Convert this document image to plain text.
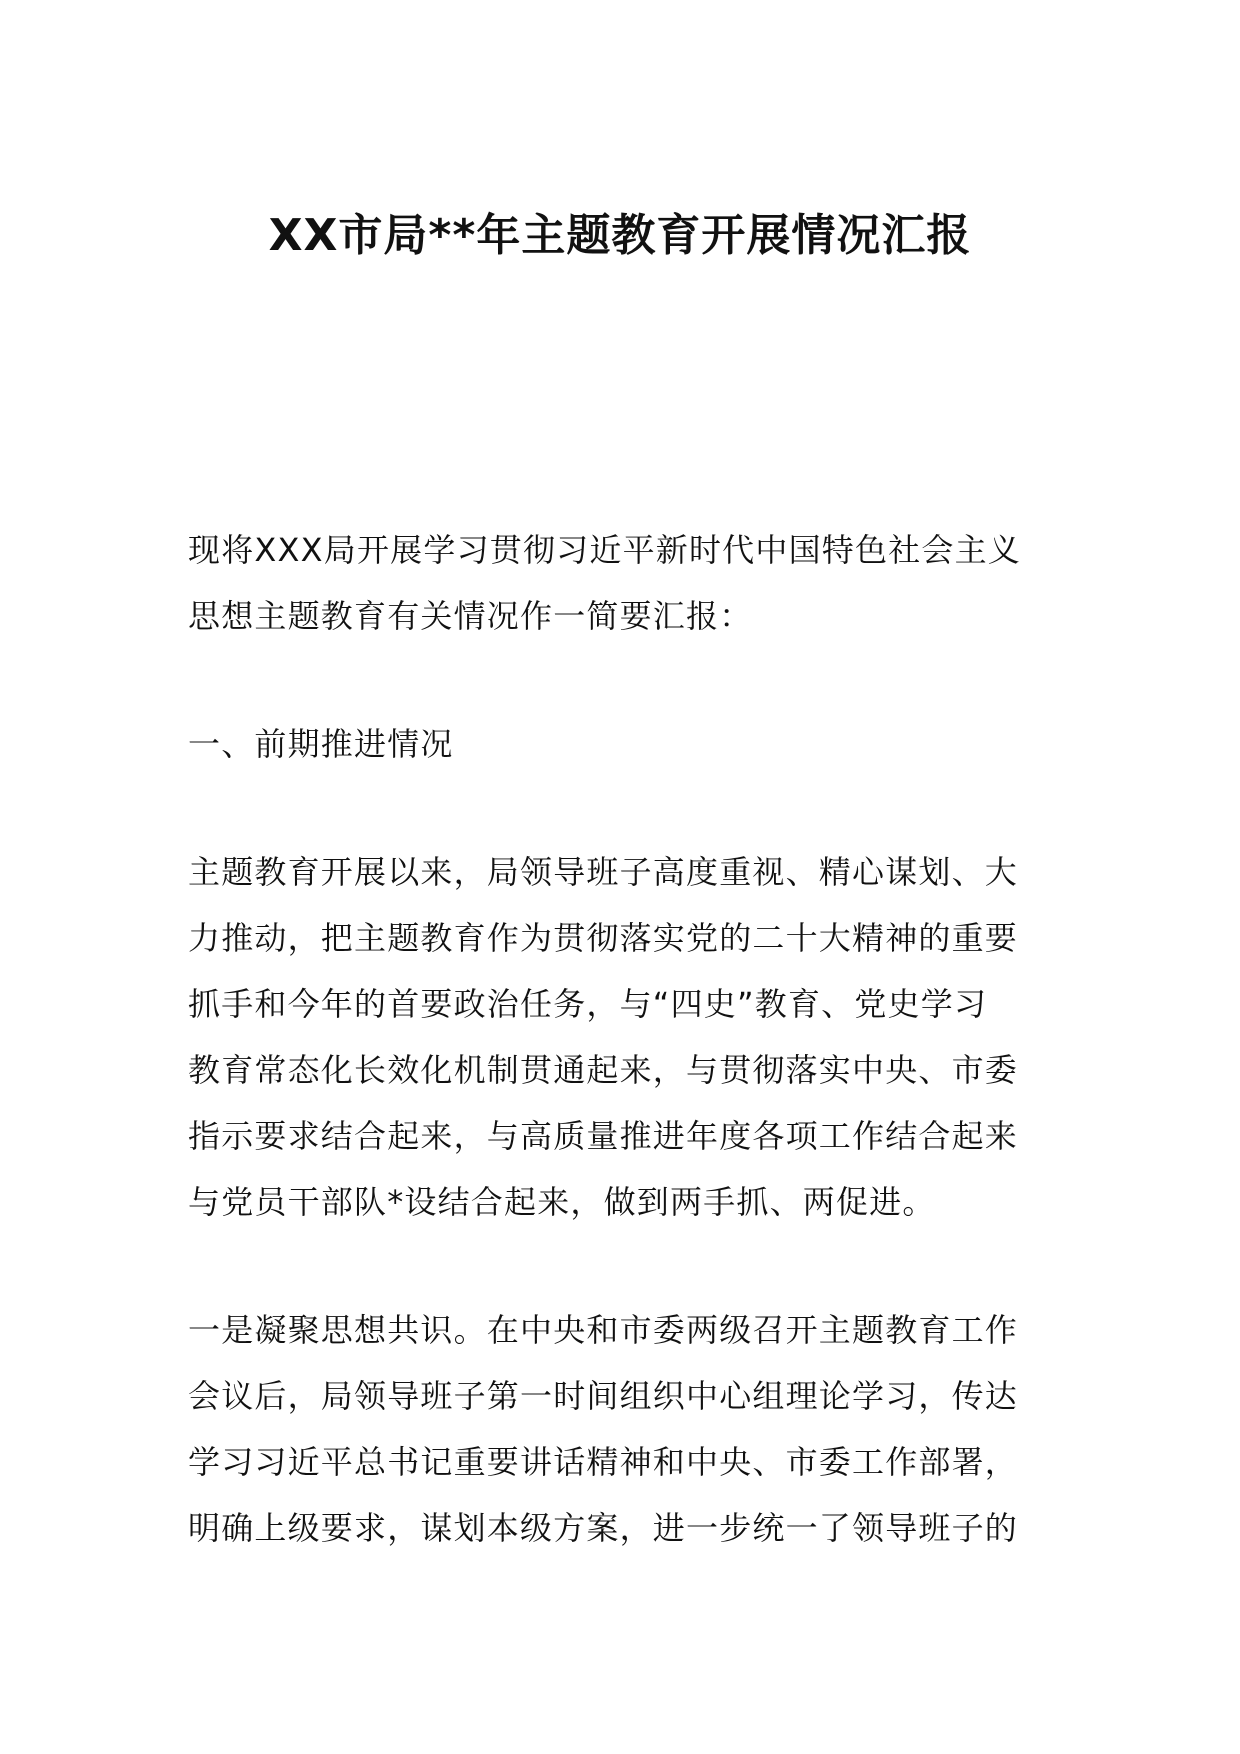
XX市局**年主题教育开展情况汇报

现将XXX局开展学习贯彻习近平新时代中国特色社会主义

思想主题教育有关情况作一简要汇报：

一、前期推进情况

主题教育开展以来，局领导班子高度重视、精心谋划、大

力推动，把主题教育作为贯彻落实党的二十大精神的重要

抓手和今年的首要政治任务，与“四史”教育、党史学习

教育常态化长效化机制贯通起来，与贯彻落实中央、市委

指示要求结合起来，与高质量推进年度各项工作结合起来

与党员干部队*设结合起来，做到两手抓、两促进。

一是凝聚思想共识。在中央和市委两级召开主题教育工作

会议后，局领导班子第一时间组织中心组理论学习，传达

学习习近平总书记重要讲话精神和中央、市委工作部署，

明确上级要求，谋划本级方案，进一步统一了领导班子的
